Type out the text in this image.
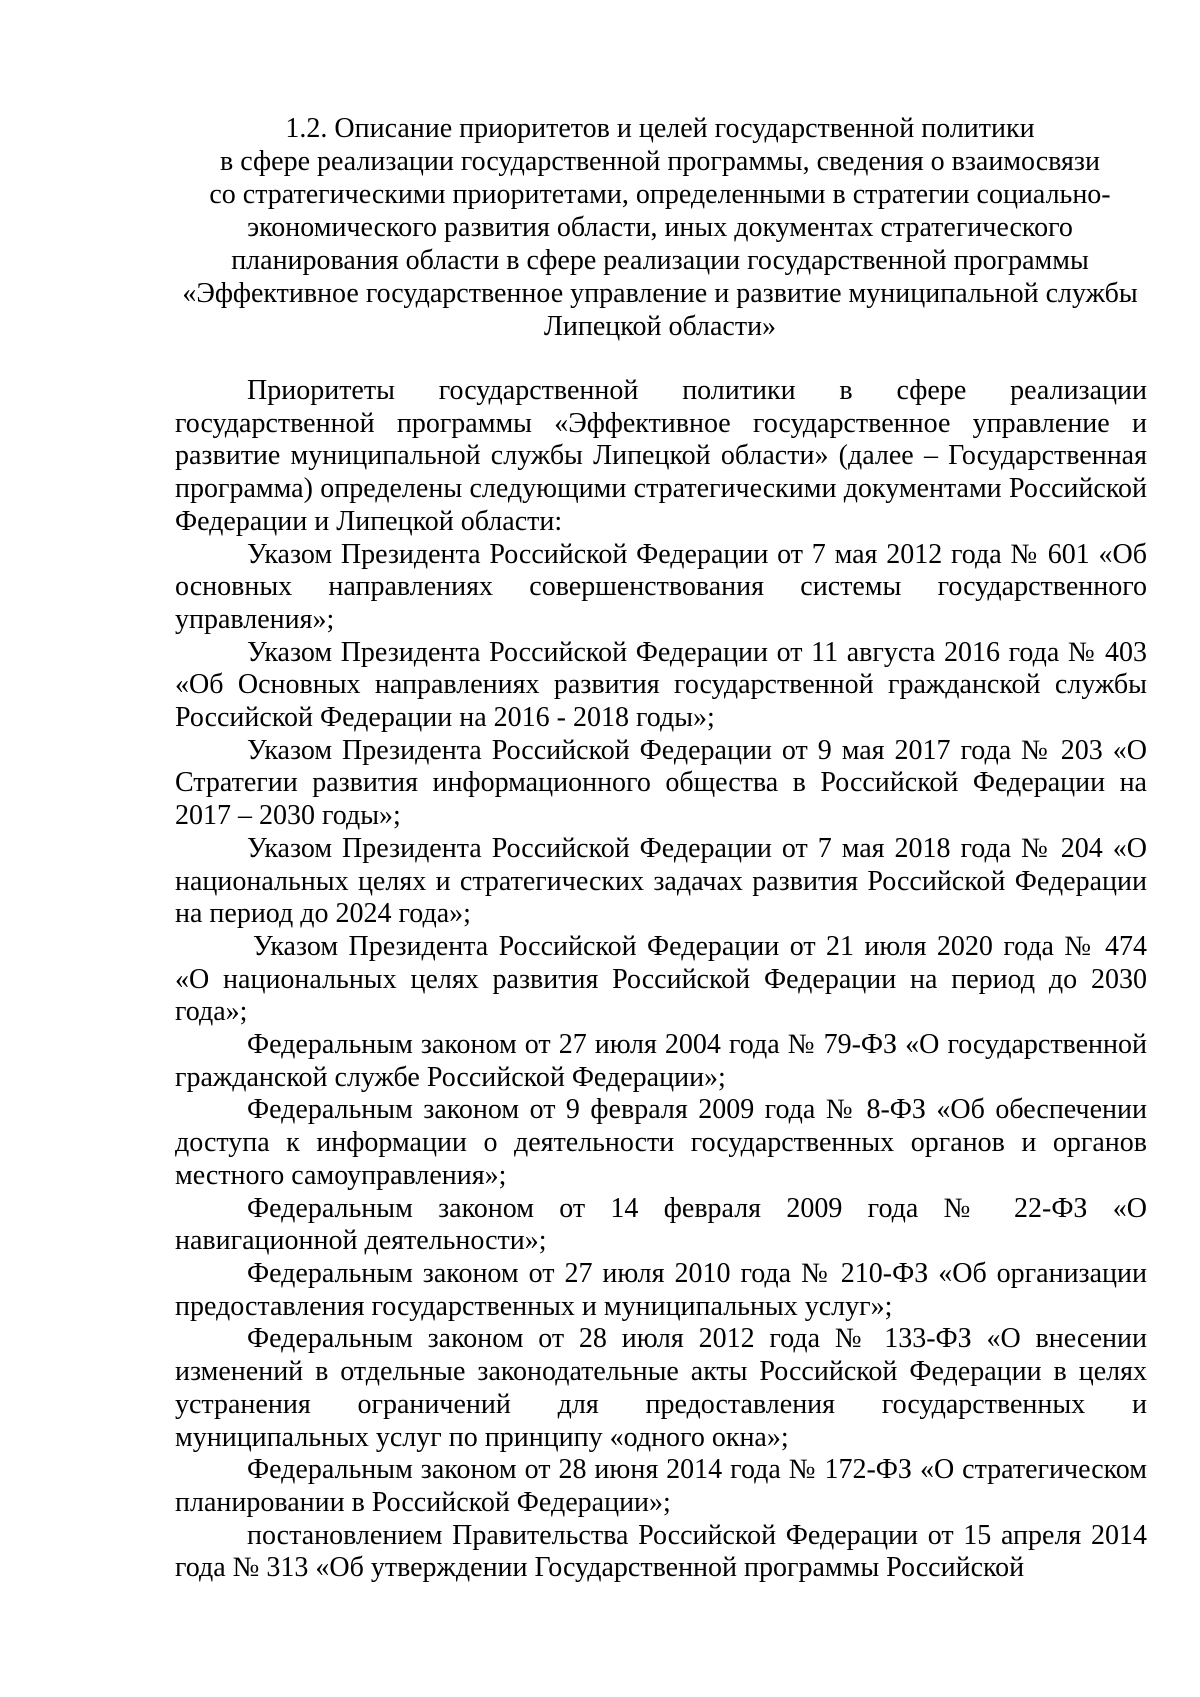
1.2. Описание приоритетов и целей государственной политики
в сфере реализации государственной программы, сведения о взаимосвязи
со стратегическими приоритетами, определенными в стратегии социально-
экономического развития области, иных документах стратегического
планирования области в сфере реализации государственной программы
«Эффективное государственное управление и развитие муниципальной службы
Липецкой области»

Приоритеты государственной политики в сфере реализации государственной программы «Эффективное государственное управление и развитие муниципальной службы Липецкой области» (далее – Государственная программа) определены следующими стратегическими документами Российской Федерации и Липецкой области:

Указом Президента Российской Федерации от 7 мая 2012 года № 601 «Об основных направлениях совершенствования системы государственного управления»;

Указом Президента Российской Федерации от 11 августа 2016 года № 403 «Об Основных направлениях развития государственной гражданской службы Российской Федерации на 2016 - 2018 годы»;

Указом Президента Российской Федерации от 9 мая 2017 года № 203 «О Стратегии развития информационного общества в Российской Федерации на 2017 – 2030 годы»;

Указом Президента Российской Федерации от 7 мая 2018 года № 204 «О национальных целях и стратегических задачах развития Российской Федерации на период до 2024 года»;

Указом Президента Российской Федерации от 21 июля 2020 года № 474 «О национальных целях развития Российской Федерации на период до 2030 года»;

Федеральным законом от 27 июля 2004 года № 79-ФЗ «О государственной гражданской службе Российской Федерации»;

Федеральным законом от 9 февраля 2009 года № 8-ФЗ «Об обеспечении доступа к информации о деятельности государственных органов и органов местного самоуправления»;

Федеральным законом от 14 февраля 2009 года № 22-ФЗ «О навигационной деятельности»;

Федеральным законом от 27 июля 2010 года № 210-ФЗ «Об организации предоставления государственных и муниципальных услуг»;

Федеральным законом от 28 июля 2012 года № 133-ФЗ «О внесении изменений в отдельные законодательные акты Российской Федерации в целях устранения ограничений для предоставления государственных и муниципальных услуг по принципу «одного окна»;

Федеральным законом от 28 июня 2014 года № 172-ФЗ «О стратегическом планировании в Российской Федерации»;

постановлением Правительства Российской Федерации от 15 апреля 2014 года № 313 «Об утверждении Государственной программы Российской
